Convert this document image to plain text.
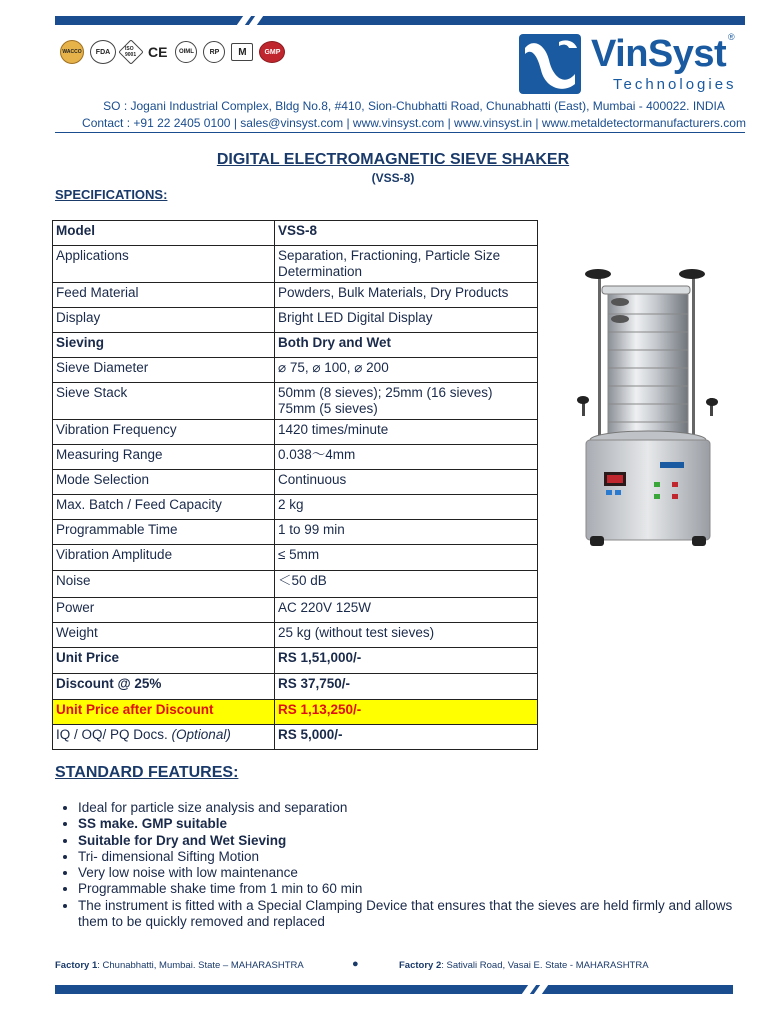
WACCO	FDA	ISO 9001 CE	OIML	RP	M	GMP	VinSyst ®
Technologies
SO : Jogani Industrial Complex, Bldg No.8, #410, Sion-Chubhatti Road, Chunabhatti (East), Mumbai - 400022. INDIA
Contact : +91 22 2405 0100 | sales@vinsyst.com | www.vinsyst.com | www.vinsyst.in | www.metaldetectormanufacturers.com
DIGITAL ELECTROMAGNETIC SIEVE SHAKER
(VSS-8)
SPECIFICATIONS:
Model	VSS-8
Applications	Separation, Fractioning, Particle Size Determination
Feed Material	Powders, Bulk Materials, Dry Products
Display	Bright LED Digital Display
Sieving	Both Dry and Wet
Sieve Diameter	⌀ 75, ⌀ 100, ⌀ 200
Sieve Stack	50mm (8 sieves); 25mm (16 sieves)
75mm (5 sieves)
Vibration Frequency	1420 times/minute
Measuring Range	0.038～4mm
Mode Selection	Continuous
Max. Batch / Feed Capacity	2 kg
Programmable Time	1 to 99 min
Vibration Amplitude	≤ 5mm
Noise	＜50 dB
Power	AC 220V 125W
Weight	25 kg (without test sieves)
Unit Price	RS 1,51,000/-
Discount @ 25%	RS 37,750/-
Unit Price after Discount	RS 1,13,250/-
IQ / OQ/ PQ Docs. (Optional)	RS 5,000/-
STANDARD FEATURES:
• Ideal for particle size analysis and separation
• SS make. GMP suitable
• Suitable for Dry and Wet Sieving
• Tri- dimensional Sifting Motion
• Very low noise with low maintenance
• Programmable shake time from 1 min to 60 min
• The instrument is fitted with a Special Clamping Device that ensures that the sieves are held firmly and allows them to be quickly removed and replaced
Factory 1: Chunabhatti, Mumbai. State – MAHARASHTRA	●	Factory 2: Sativali Road, Vasai E. State - MAHARASHTRA
